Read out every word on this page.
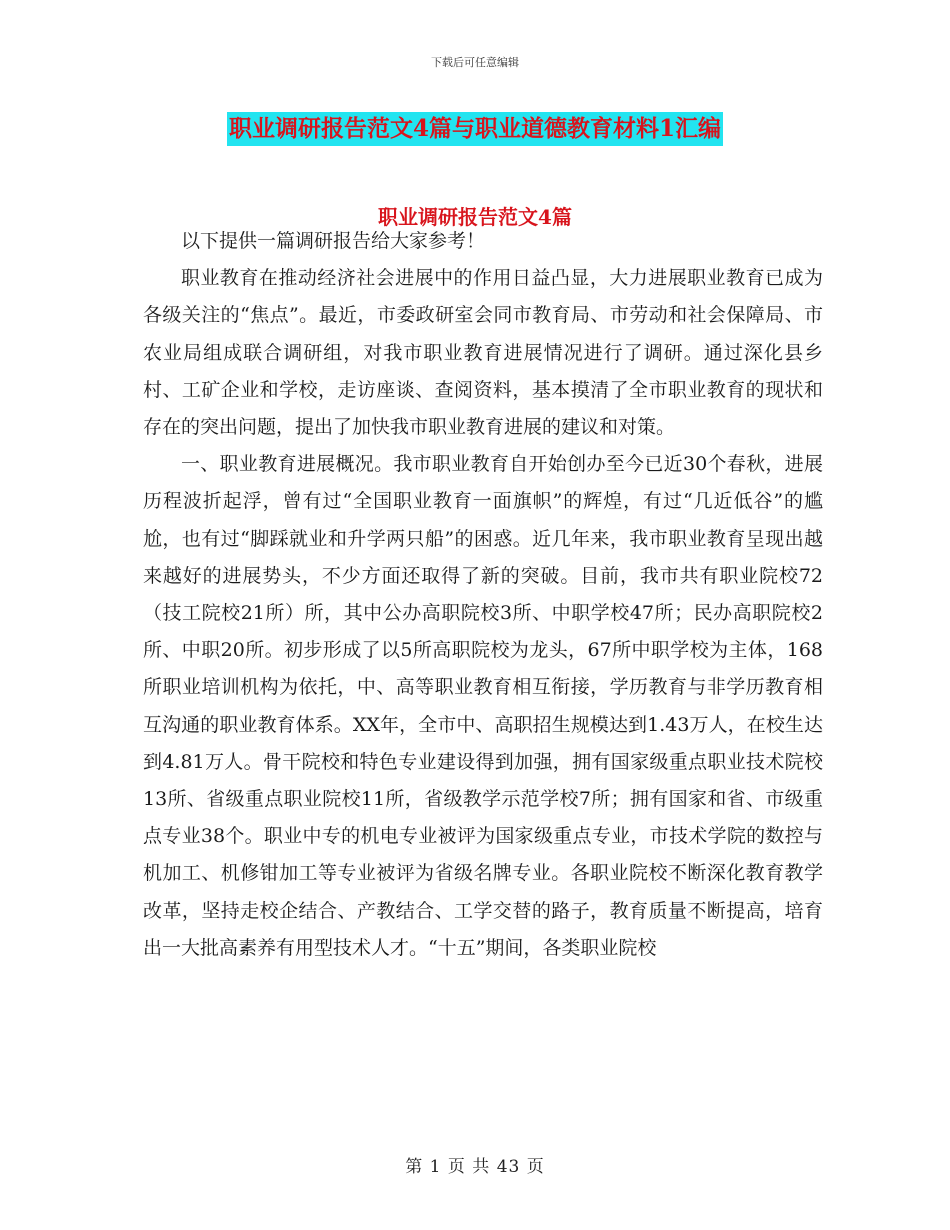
下载后可任意编辑
职业调研报告范文4篇与职业道德教育材料1汇编
职业调研报告范文4篇

以下提供一篇调研报告给大家参考！

职业教育在推动经济社会进展中的作用日益凸显，大力进展职业教育已成为各级关注的“焦点”。最近，市委政研室会同市教育局、市劳动和社会保障局、市农业局组成联合调研组，对我市职业教育进展情况进行了调研。通过深化县乡村、工矿企业和学校，走访座谈、查阅资料，基本摸清了全市职业教育的现状和存在的突出问题，提出了加快我市职业教育进展的建议和对策。

一、职业教育进展概况。我市职业教育自开始创办至今已近30个春秋，进展历程波折起浮，曾有过“全国职业教育一面旗帜”的辉煌，有过“几近低谷”的尴尬，也有过“脚踩就业和升学两只船”的困惑。近几年来，我市职业教育呈现出越来越好的进展势头，不少方面还取得了新的突破。目前，我市共有职业院校72（技工院校21所）所，其中公办高职院校3所、中职学校47所；民办高职院校2所、中职20所。初步形成了以5所高职院校为龙头，67所中职学校为主体，168所职业培训机构为依托，中、高等职业教育相互衔接，学历教育与非学历教育相互沟通的职业教育体系。XX年，全市中、高职招生规模达到1.43万人，在校生达到4.81万人。骨干院校和特色专业建设得到加强，拥有国家级重点职业技术院校13所、省级重点职业院校11所，省级教学示范学校7所；拥有国家和省、市级重点专业38个。职业中专的机电专业被评为国家级重点专业，市技术学院的数控与机加工、机修钳加工等专业被评为省级名牌专业。各职业院校不断深化教育教学改革，坚持走校企结合、产教结合、工学交替的路子，教育质量不断提高，培育出一大批高素养有用型技术人才。“十五”期间，各类职业院校

第 1 页 共 43 页
